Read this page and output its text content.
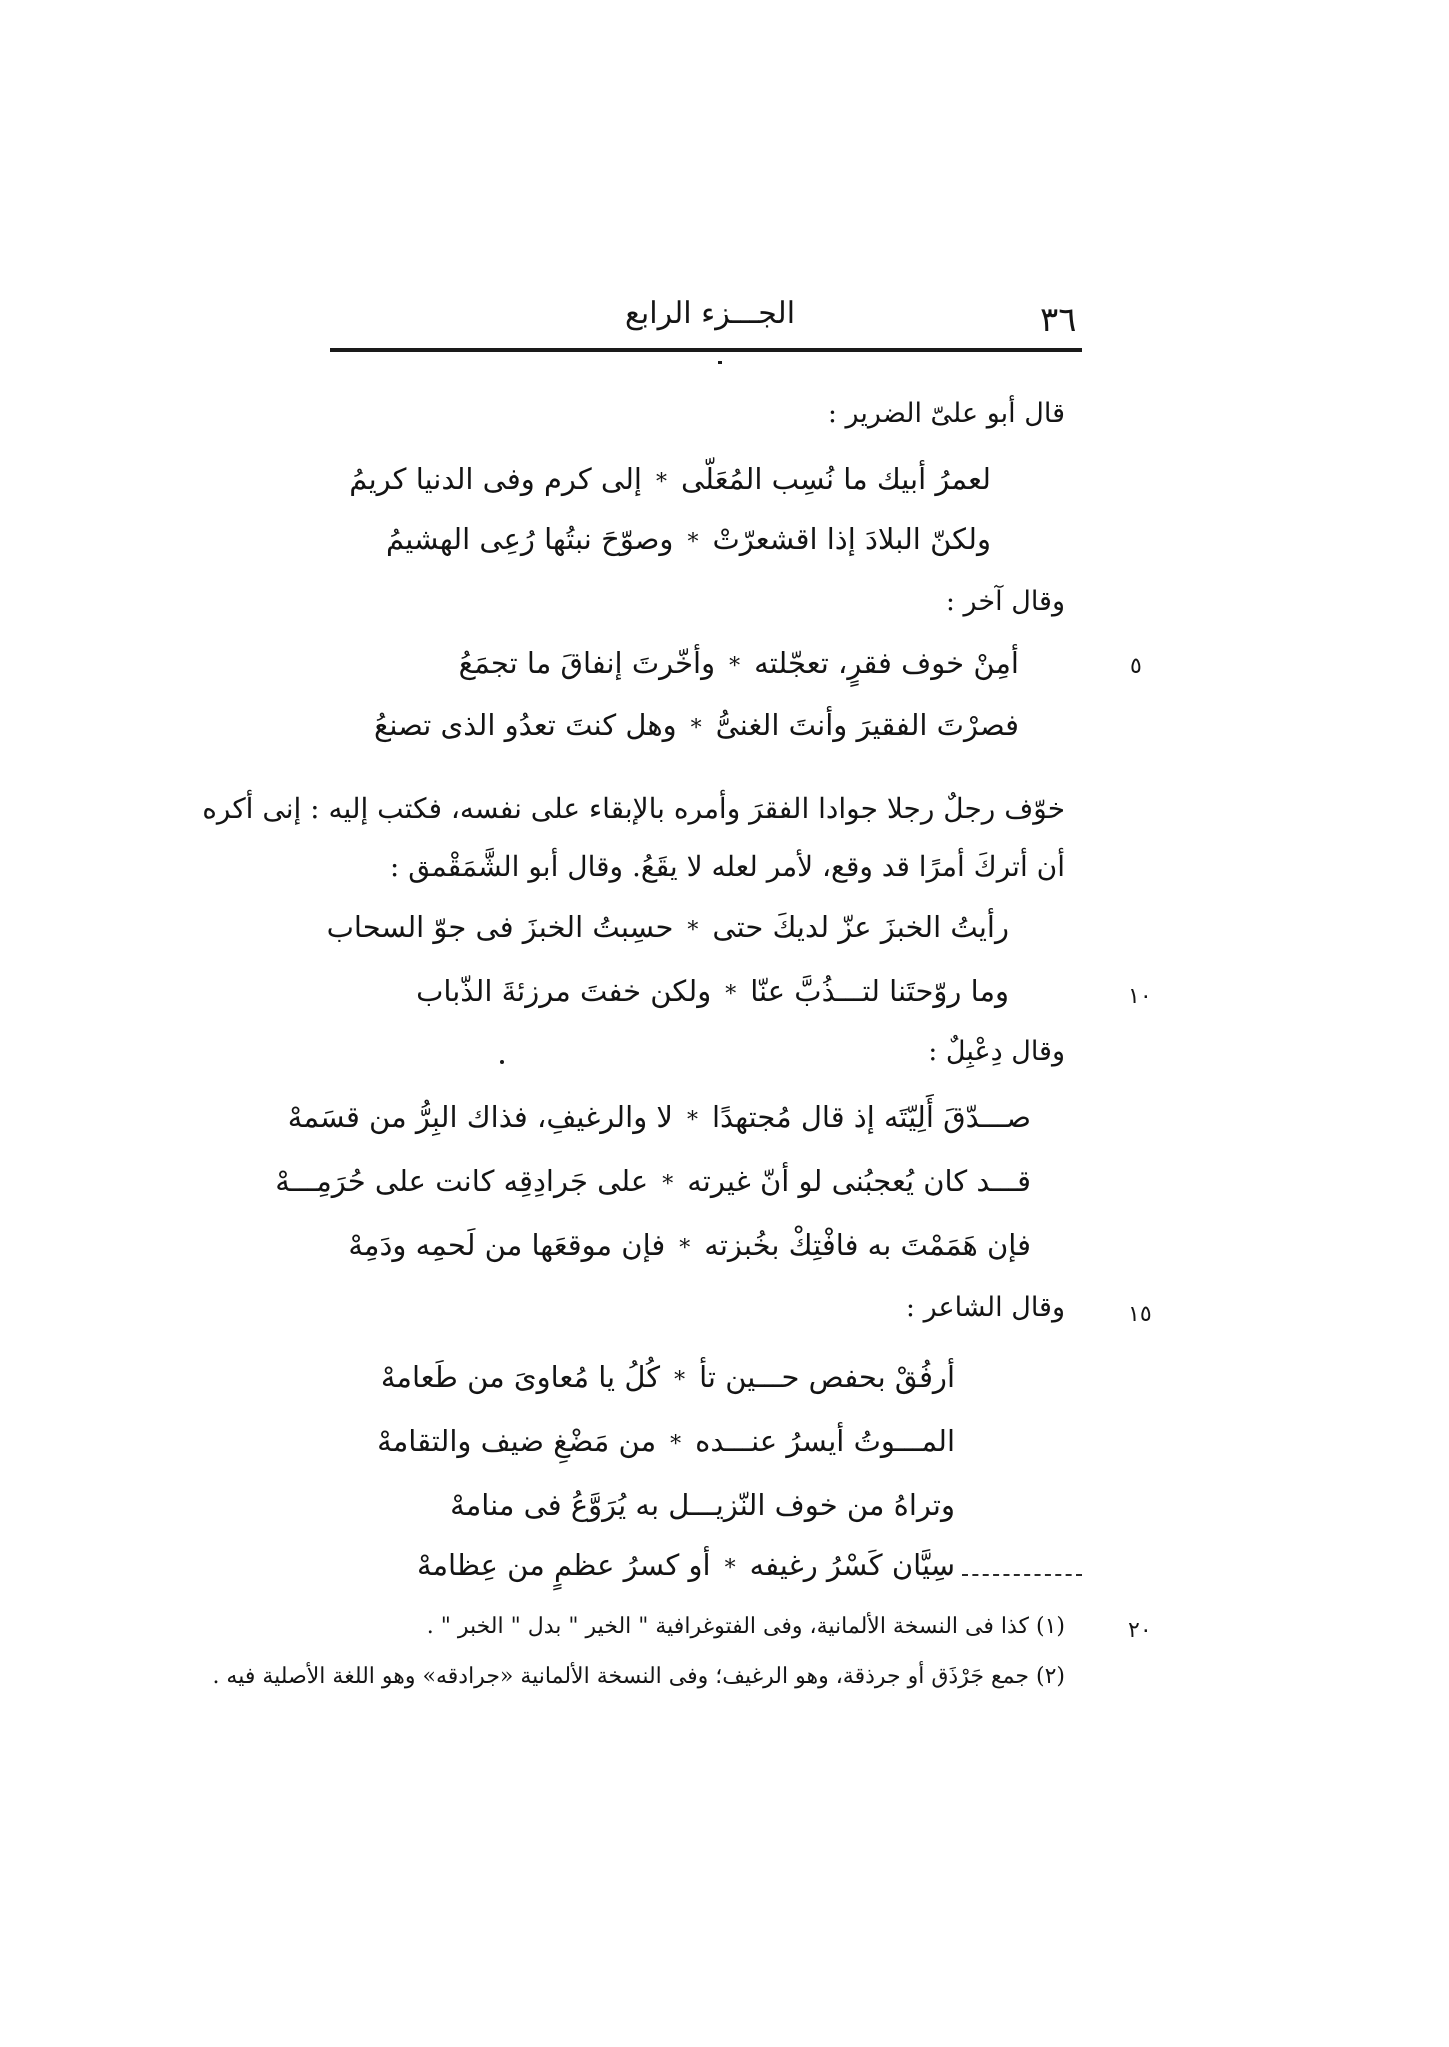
٣٦
الجـــزء الرابع
قال أبو علىّ الضرير :
لعمرُ أبيك ما نُسِب المُعَلّى*إلى كرم وفى الدنيا كريمُ
ولكنّ البلادَ إذا اقشعرّتْ*وصوّحَ نبتُها رُعِى الهشيمُ
وقال آخر :
٥
أمِنْ خوف فقرٍ، تعجّلته*وأخّرتَ إنفاقَ ما تجمَعُ
فصرْتَ الفقيرَ وأنتَ الغنىُّ*وهل كنتَ تعدُو الذى تصنعُ
خوّف رجلٌ رجلا جوادا الفقرَ وأمره بالإبقاء على نفسه، فكتب إليه : إنى أكره
أن أتركَ أمرًا قد وقع، لأمر لعله لا يقَعُ. وقال أبو الشَّمَقْمق :
رأيتُ الخبزَ عزّ لديكَ حتى*حسِبتُ الخبزَ فى جوّ السحاب
١٠
وما روّحتَنا لتـــذُبَّ عنّا*ولكن خفتَ مرزئةَ الذّباب
وقال دِعْبِلٌ :
صـــدّقَ أَلِيّتَه إذ قال مُجتهدًا*لا والرغيفِ، فذاك البِرُّ من قسَمهْ
قـــد كان يُعجبُنى لو أنّ غيرته*على جَرادِقِه كانت على حُرَمِـــهْ
فإن هَمَمْتَ به فافْتِكْ بخُبزته*فإن موقعَها من لَحمِه ودَمِهْ
١٥
وقال الشاعر :
أرفُقْ بحفص حـــين تأ*كُلُ يا مُعاوىَ من طَعامهْ
المـــوتُ أيسرُ عنـــده*من مَضْغِ ضيف والتقامهْ
وتراهُ من خوف النّزيـــل به يُرَوَّعُ فى منامهْ
سِيَّان كَسْرُ رغيفه*أو كسرُ عظمٍ من عِظامهْ
٢٠
(١) كذا فى النسخة الألمانية، وفى الفتوغرافية " الخير " بدل " الخبر " .
(٢) جمع جَرْذَق أو جرذقة، وهو الرغيف؛ وفى النسخة الألمانية «جرادقه» وهو اللغة الأصلية فيه .
